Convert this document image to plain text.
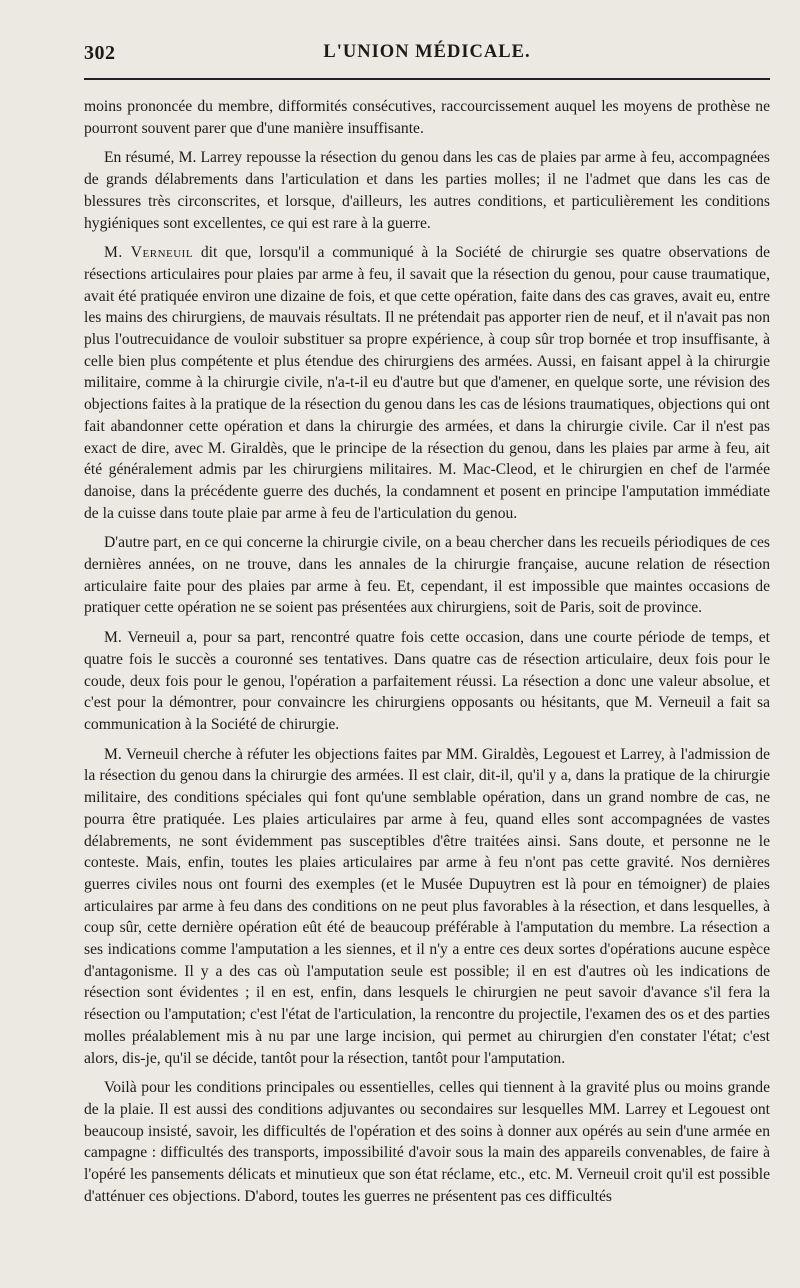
302	L'UNION MÉDICALE.

moins prononcée du membre, difformités consécutives, raccourcissement auquel les moyens de prothèse ne pourront souvent parer que d'une manière insuffisante.

En résumé, M. Larrey repousse la résection du genou dans les cas de plaies par arme à feu, accompagnées de grands délabrements dans l'articulation et dans les parties molles; il ne l'admet que dans les cas de blessures très circonscrites, et lorsque, d'ailleurs, les autres conditions, et particulièrement les conditions hygiéniques sont excellentes, ce qui est rare à la guerre.

M. Verneuil dit que, lorsqu'il a communiqué à la Société de chirurgie ses quatre observations de résections articulaires pour plaies par arme à feu, il savait que la résection du genou, pour cause traumatique, avait été pratiquée environ une dizaine de fois, et que cette opération, faite dans des cas graves, avait eu, entre les mains des chirurgiens, de mauvais résultats. Il ne prétendait pas apporter rien de neuf, et il n'avait pas non plus l'outrecuidance de vouloir substituer sa propre expérience, à coup sûr trop bornée et trop insuffisante, à celle bien plus compétente et plus étendue des chirurgiens des armées. Aussi, en faisant appel à la chirurgie militaire, comme à la chirurgie civile, n'a-t-il eu d'autre but que d'amener, en quelque sorte, une révision des objections faites à la pratique de la résection du genou dans les cas de lésions traumatiques, objections qui ont fait abandonner cette opération et dans la chirurgie des armées, et dans la chirurgie civile. Car il n'est pas exact de dire, avec M. Giraldès, que le principe de la résection du genou, dans les plaies par arme à feu, ait été généralement admis par les chirurgiens militaires. M. Mac-Cleod, et le chirurgien en chef de l'armée danoise, dans la précédente guerre des duchés, la condamnent et posent en principe l'amputation immédiate de la cuisse dans toute plaie par arme à feu de l'articulation du genou.

D'autre part, en ce qui concerne la chirurgie civile, on a beau chercher dans les recueils périodiques de ces dernières années, on ne trouve, dans les annales de la chirurgie française, aucune relation de résection articulaire faite pour des plaies par arme à feu. Et, cependant, il est impossible que maintes occasions de pratiquer cette opération ne se soient pas présentées aux chirurgiens, soit de Paris, soit de province.

M. Verneuil a, pour sa part, rencontré quatre fois cette occasion, dans une courte période de temps, et quatre fois le succès a couronné ses tentatives. Dans quatre cas de résection articulaire, deux fois pour le coude, deux fois pour le genou, l'opération a parfaitement réussi. La résection a donc une valeur absolue, et c'est pour la démontrer, pour convaincre les chirurgiens opposants ou hésitants, que M. Verneuil a fait sa communication à la Société de chirurgie.

M. Verneuil cherche à réfuter les objections faites par MM. Giraldès, Legouest et Larrey, à l'admission de la résection du genou dans la chirurgie des armées. Il est clair, dit-il, qu'il y a, dans la pratique de la chirurgie militaire, des conditions spéciales qui font qu'une semblable opération, dans un grand nombre de cas, ne pourra être pratiquée. Les plaies articulaires par arme à feu, quand elles sont accompagnées de vastes délabrements, ne sont évidemment pas susceptibles d'être traitées ainsi. Sans doute, et personne ne le conteste. Mais, enfin, toutes les plaies articulaires par arme à feu n'ont pas cette gravité. Nos dernières guerres civiles nous ont fourni des exemples (et le Musée Dupuytren est là pour en témoigner) de plaies articulaires par arme à feu dans des conditions on ne peut plus favorables à la résection, et dans lesquelles, à coup sûr, cette dernière opération eût été de beaucoup préférable à l'amputation du membre. La résection a ses indications comme l'amputation a les siennes, et il n'y a entre ces deux sortes d'opérations aucune espèce d'antagonisme. Il y a des cas où l'amputation seule est possible; il en est d'autres où les indications de résection sont évidentes ; il en est, enfin, dans lesquels le chirurgien ne peut savoir d'avance s'il fera la résection ou l'amputation; c'est l'état de l'articulation, la rencontre du projectile, l'examen des os et des parties molles préalablement mis à nu par une large incision, qui permet au chirurgien d'en constater l'état; c'est alors, dis-je, qu'il se décide, tantôt pour la résection, tantôt pour l'amputation.

Voilà pour les conditions principales ou essentielles, celles qui tiennent à la gravité plus ou moins grande de la plaie. Il est aussi des conditions adjuvantes ou secondaires sur lesquelles MM. Larrey et Legouest ont beaucoup insisté, savoir, les difficultés de l'opération et des soins à donner aux opérés au sein d'une armée en campagne : difficultés des transports, impossibilité d'avoir sous la main des appareils convenables, de faire à l'opéré les pansements délicats et minutieux que son état réclame, etc., etc. M. Verneuil croit qu'il est possible d'atténuer ces objections. D'abord, toutes les guerres ne présentent pas ces difficultés
